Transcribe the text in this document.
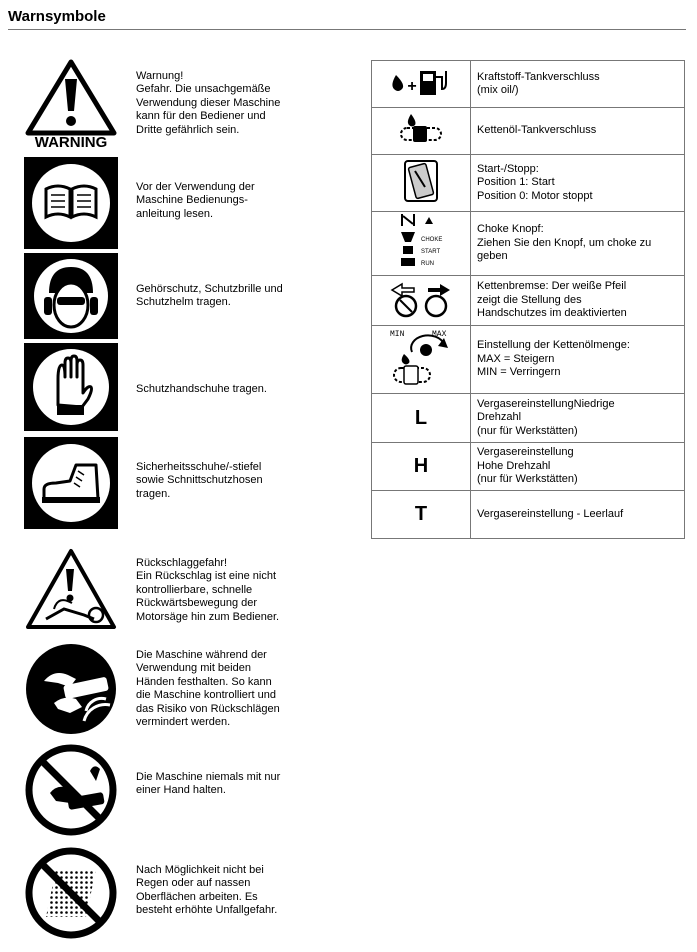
Warnsymbole
WARNING
Warnung!
Gefahr. Die unsachgemäße
Verwendung dieser Maschine
kann für den Bediener und
Dritte gefährlich sein.
Vor der Verwendung der
Maschine Bedienungs-
anleitung lesen.
Gehörschutz, Schutzbrille und
Schutzhelm tragen.
Schutzhandschuhe tragen.
Sicherheitsschuhe/-stiefel
sowie Schnittschutzhosen
tragen.
Rückschlaggefahr!
Ein Rückschlag ist eine nicht
kontrollierbare, schnelle
Rückwärtsbewegung der
Motorsäge hin zum Bediener.
Die Maschine während der
Verwendung mit beiden
Händen festhalten. So kann
die Maschine kontrolliert und
das Risiko von Rückschlägen
vermindert werden.
Die Maschine niemals mit nur
einer Hand halten.
Nach Möglichkeit nicht bei
Regen oder auf nassen
Oberflächen arbeiten. Es
besteht erhöhte Unfallgefahr.
+	Kraftstoff-Tankverschluss
(mix oil/)

Kettenöl-Tankverschluss

Start-/Stopp:
Position 1: Start
Position 0: Motor stoppt

CHOKE
START
RUN	Choke Knopf:
Ziehen Sie den Knopf, um choke zu
geben

Kettenbremse: Der weiße Pfeil
zeigt die Stellung des
Handschutzes im deaktivierten

MIN MAX	Einstellung der Kettenölmenge:
MAX = Steigern
MIN = Verringern

L	VergasereinstellungNiedrige
Drehzahl
(nur für Werkstätten)

H	Vergasereinstellung
Hohe Drehzahl
(nur für Werkstätten)

T	Vergasereinstellung - Leerlauf
